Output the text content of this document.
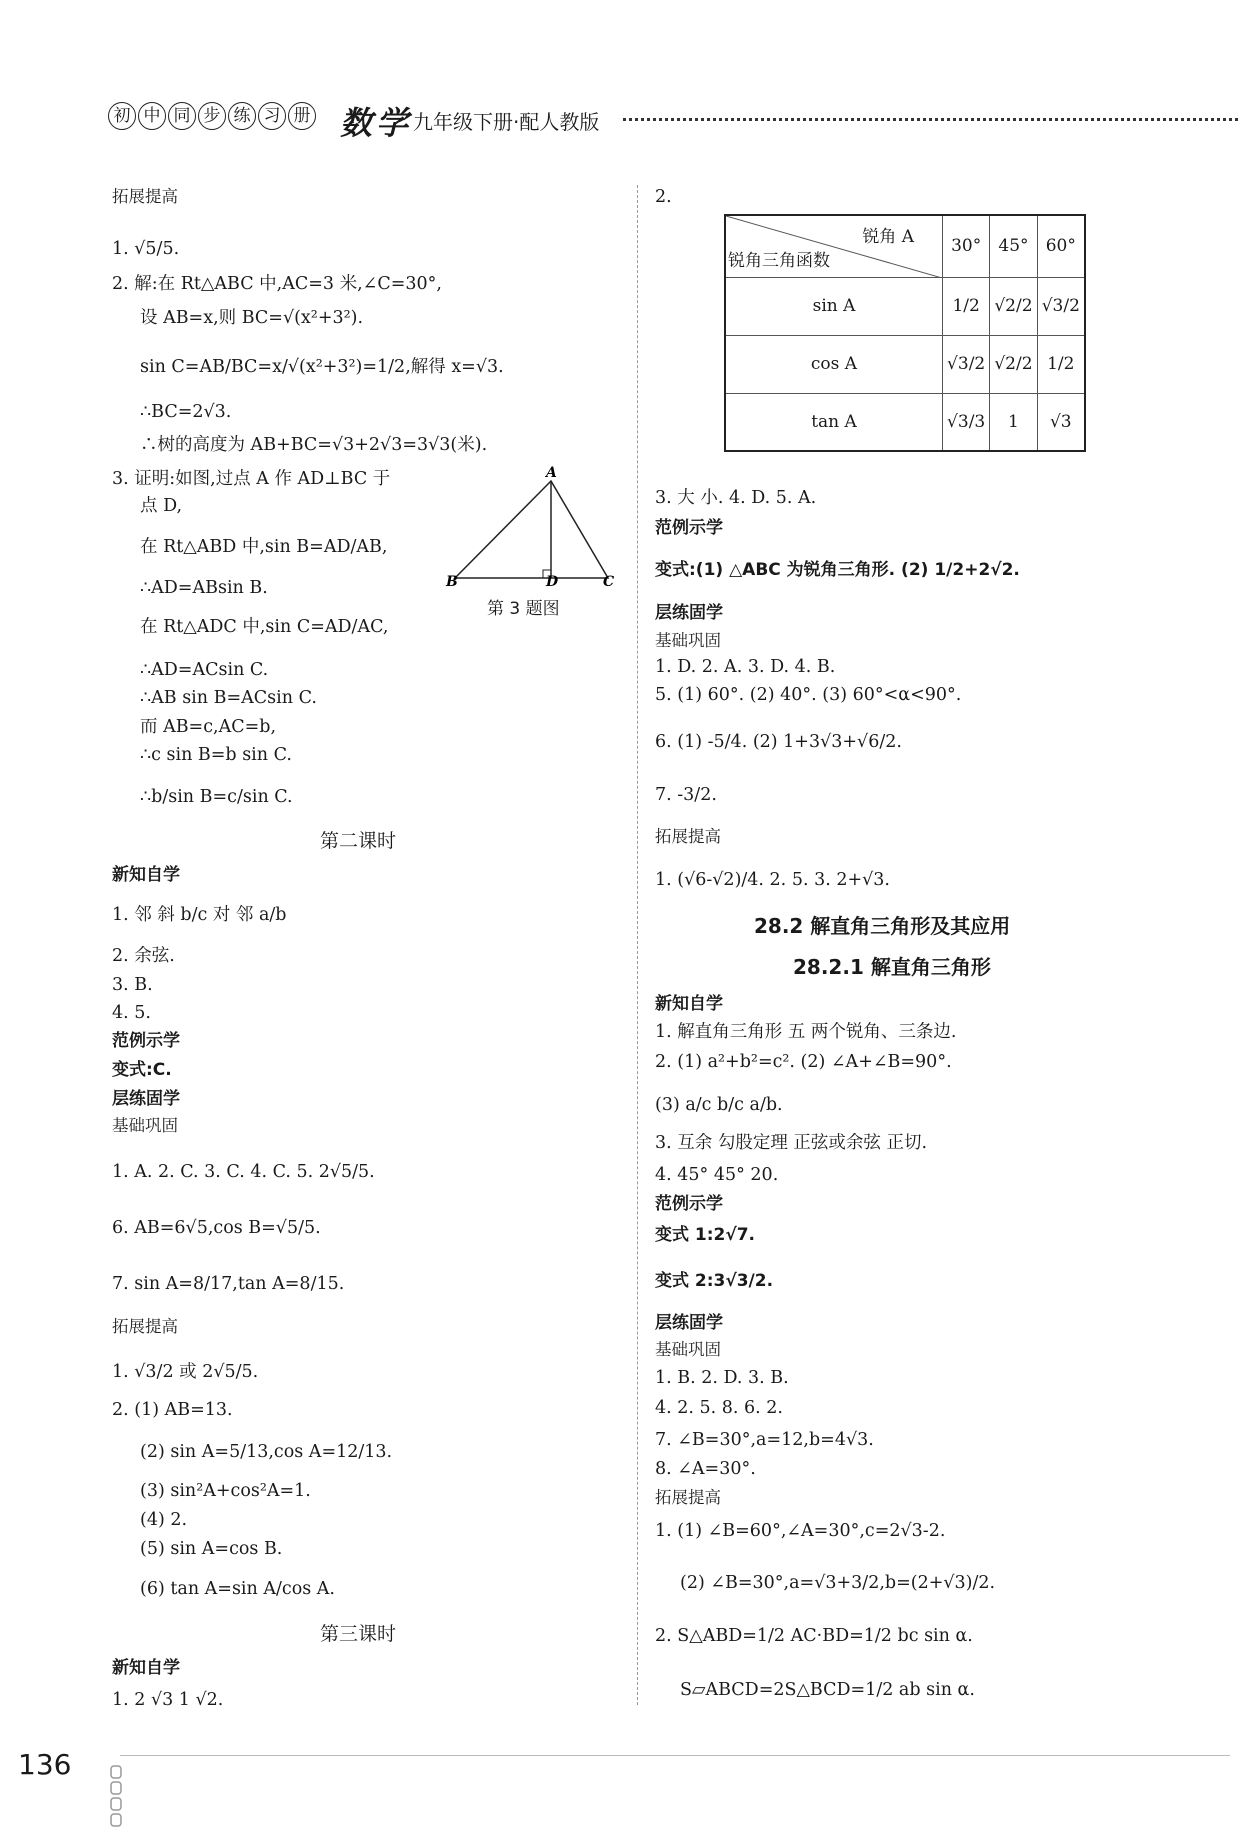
初 中 同 步 练 习 册 数学 九年级下册·配人教版
拓展提高
1. √5/5.
2. 解:在 Rt△ABC 中,AC=3 米,∠C=30°,
设 AB=x,则 BC=√(x²+3²).
sin C=AB/BC=x/√(x²+3²)=1/2,解得 x=√3.
∴BC=2√3.
∴树的高度为 AB+BC=√3+2√3=3√3(米).
3. 证明:如图,过点 A 作 AD⊥BC 于
点 D,
在 Rt△ABD 中,sin B=AD/AB,
∴AD=ABsin B.
在 Rt△ADC 中,sin C=AD/AC,
∴AD=ACsin C.
∴AB sin B=ACsin C.
而 AB=c,AC=b,
∴c sin B=b sin C.
∴b/sin B=c/sin C.
第二课时
新知自学
1. 邻 斜 b/c 对 邻 a/b
2. 余弦.
3. B.
4. 5.
范例示学
变式:C.
层练固学
基础巩固
1. A. 2. C. 3. C. 4. C. 5. 2√5/5.
6. AB=6√5,cos B=√5/5.
7. sin A=8/17,tan A=8/15.
拓展提高
1. √3/2 或 2√5/5.
2. (1) AB=13.
(2) sin A=5/13,cos A=12/13.
(3) sin²A+cos²A=1.
(4) 2.
(5) sin A=cos B.
(6) tan A=sin A/cos A.
第三课时
新知自学
1. 2 √3 1 √2.
2.
3. 大 小. 4. D. 5. A.
范例示学
变式:(1) △ABC 为锐角三角形. (2) 1/2+2√2.
层练固学
基础巩固
1. D. 2. A. 3. D. 4. B.
5. (1) 60°. (2) 40°. (3) 60°<α<90°.
6. (1) -5/4. (2) 1+3√3+√6/2.
7. -3/2.
拓展提高
1. (√6-√2)/4. 2. 5. 3. 2+√3.
28.2 解直角三角形及其应用
28.2.1 解直角三角形
新知自学
1. 解直角三角形 五 两个锐角、三条边.
2. (1) a²+b²=c². (2) ∠A+∠B=90°.
(3) a/c b/c a/b.
3. 互余 勾股定理 正弦或余弦 正切.
4. 45° 45° 20.
范例示学
变式 1:2√7.
变式 2:3√3/2.
层练固学
基础巩固
1. B. 2. D. 3. B.
4. 2. 5. 8. 6. 2.
7. ∠B=30°,a=12,b=4√3.
8. ∠A=30°.
拓展提高
1. (1) ∠B=60°,∠A=30°,c=2√3-2.
(2) ∠B=30°,a=√3+3/2,b=(2+√3)/2.
2. S△ABD=1/2 AC·BD=1/2 bc sin α.
S▱ABCD=2S△BCD=1/2 ab sin α.
A
B	D	C
第 3 题图
锐角 A
锐角三角函数	30°	45°	60°
sin A	1/2	√2/2	√3/2
cos A	√3/2	√2/2	1/2
tan A	√3/3	1	√3
136
